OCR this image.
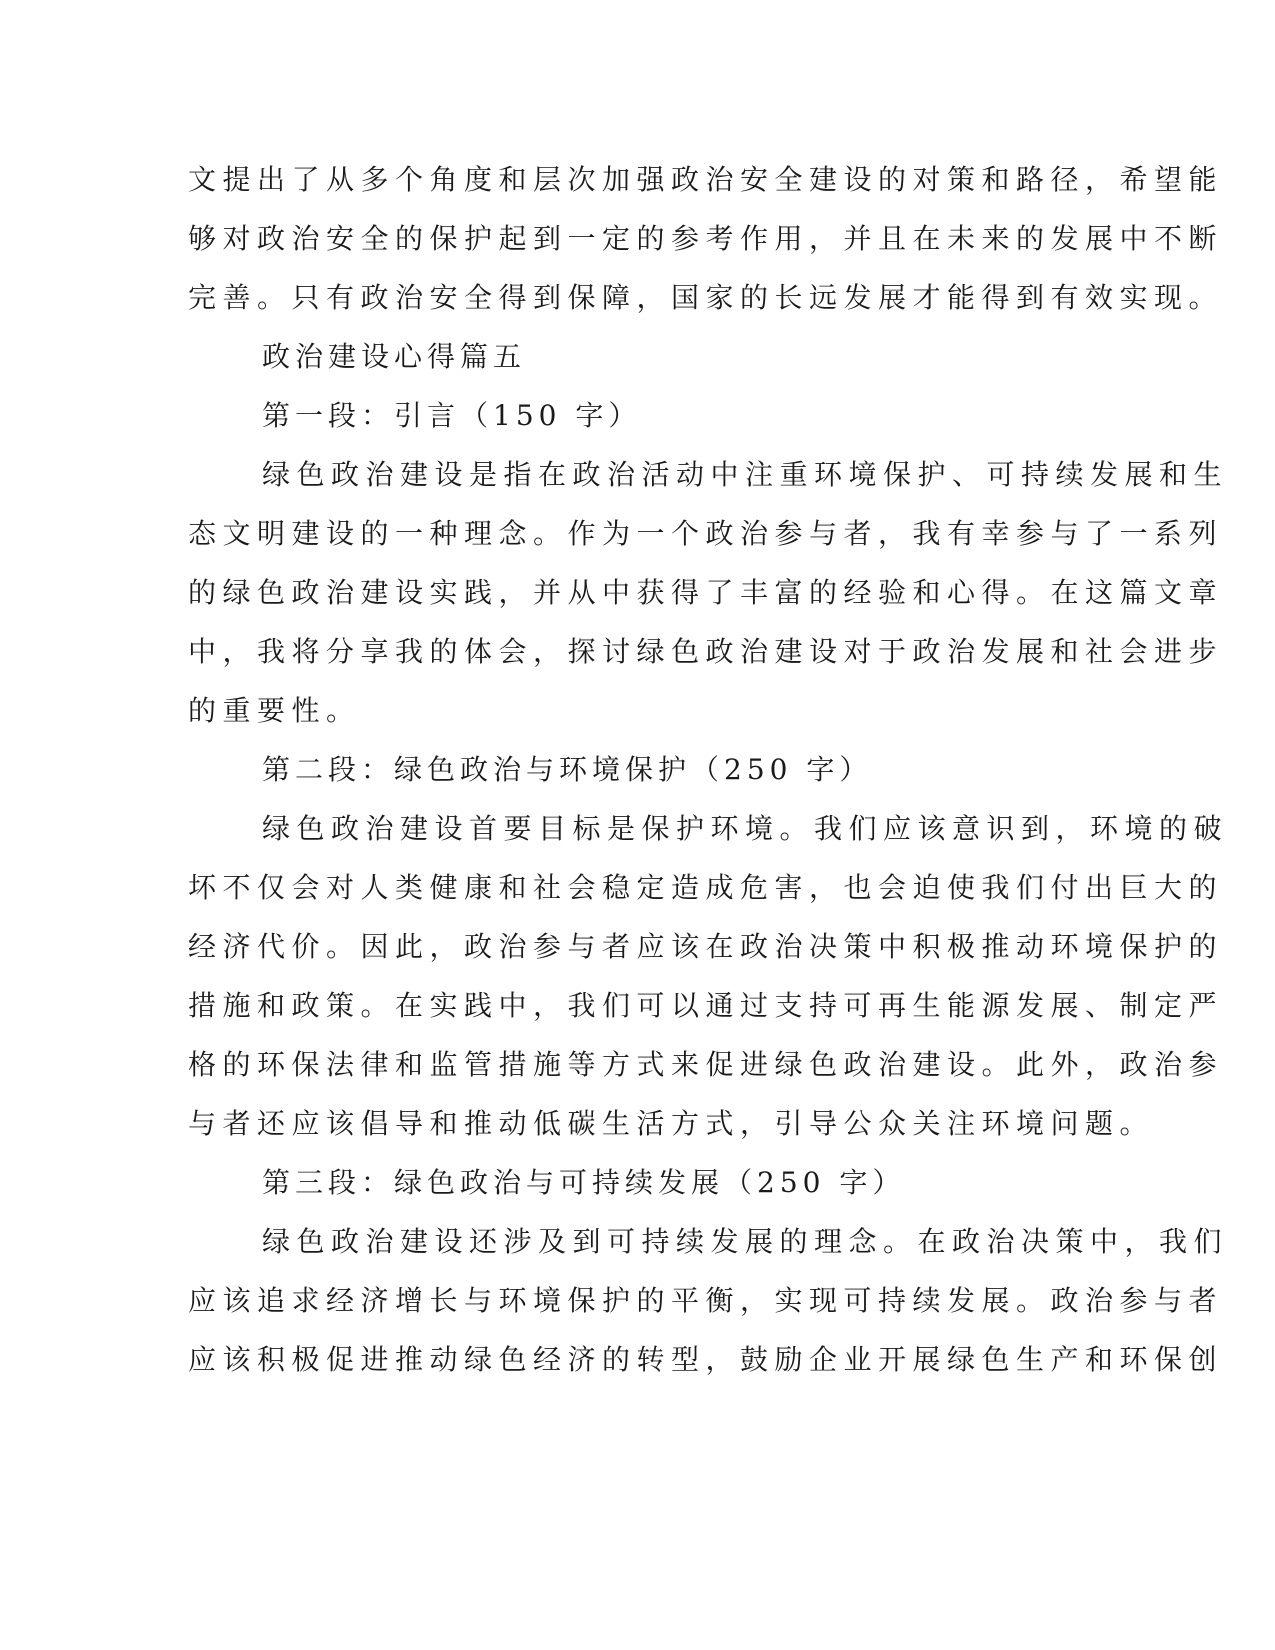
文提出了从多个角度和层次加强政治安全建设的对策和路径，希望能
够对政治安全的保护起到一定的参考作用，并且在未来的发展中不断
完善。只有政治安全得到保障，国家的长远发展才能得到有效实现。
政治建设心得篇五
第一段：引言（150 字）
绿色政治建设是指在政治活动中注重环境保护、可持续发展和生
态文明建设的一种理念。作为一个政治参与者，我有幸参与了一系列
的绿色政治建设实践，并从中获得了丰富的经验和心得。在这篇文章
中，我将分享我的体会，探讨绿色政治建设对于政治发展和社会进步
的重要性。
第二段：绿色政治与环境保护（250 字）
绿色政治建设首要目标是保护环境。我们应该意识到，环境的破
坏不仅会对人类健康和社会稳定造成危害，也会迫使我们付出巨大的
经济代价。因此，政治参与者应该在政治决策中积极推动环境保护的
措施和政策。在实践中，我们可以通过支持可再生能源发展、制定严
格的环保法律和监管措施等方式来促进绿色政治建设。此外，政治参
与者还应该倡导和推动低碳生活方式，引导公众关注环境问题。
第三段：绿色政治与可持续发展（250 字）
绿色政治建设还涉及到可持续发展的理念。在政治决策中，我们
应该追求经济增长与环境保护的平衡，实现可持续发展。政治参与者
应该积极促进推动绿色经济的转型，鼓励企业开展绿色生产和环保创
